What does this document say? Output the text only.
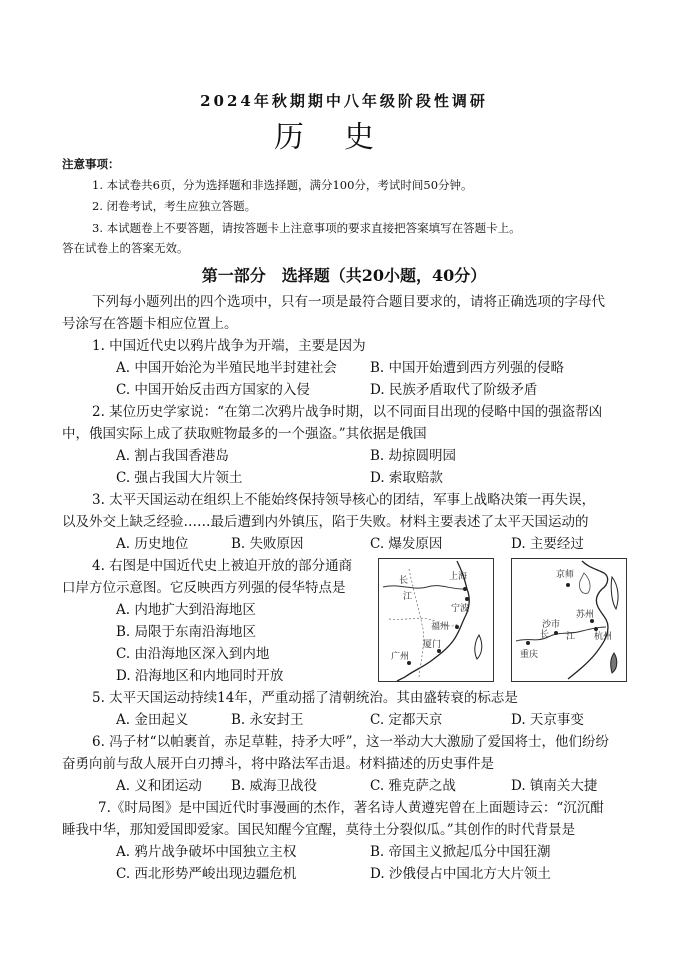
2024年秋期期中八年级阶段性调研
历史
注意事项：
1. 本试卷共6页，分为选择题和非选择题，满分100分，考试时间50分钟。
2. 闭卷考试，考生应独立答题。
3. 本试题卷上不要答题，请按答题卡上注意事项的要求直接把答案填写在答题卡上。
答在试卷上的答案无效。
第一部分　选择题（共20小题，40分）
下列每小题列出的四个选项中，只有一项是最符合题目要求的，请将正确选项的字母代
号涂写在答题卡相应位置上。
1. 中国近代史以鸦片战争为开端，主要是因为
A. 中国开始沦为半殖民地半封建社会 B. 中国开始遭到西方列强的侵略
C. 中国开始反击西方国家的入侵	D. 民族矛盾取代了阶级矛盾
2. 某位历史学家说：“在第二次鸦片战争时期，以不同面目出现的侵略中国的强盗帮凶
中，俄国实际上成了获取赃物最多的一个强盗。”其依据是俄国
A. 割占我国香港岛	B. 劫掠圆明园
C. 强占我国大片领土	D. 索取赔款
3. 太平天国运动在组织上不能始终保持领导核心的团结，军事上战略决策一再失误，
以及外交上缺乏经验……最后遭到内外镇压，陷于失败。材料主要表述了太平天国运动的
A. 历史地位	B. 失败原因	C. 爆发原因	D. 主要经过
4. 右图是中国近代史上被迫开放的部分通商
口岸方位示意图。它反映西方列强的侵华特点是
A. 内地扩大到沿海地区
B. 局限于东南沿海地区
C. 由沿海地区深入到内地
D. 沿海地区和内地同时开放
长
江
上海
宁波
福州
广州
厦门
京师
苏州
沙市
长 江 杭州
重庆
5. 太平天国运动持续14年，严重动摇了清朝统治。其由盛转衰的标志是
A. 金田起义	B. 永安封王	C. 定都天京	D. 天京事变
6. 冯子材“以帕裹首，赤足草鞋，持矛大呼”，这一举动大大激励了爱国将士，他们纷纷
奋勇向前与敌人展开白刃搏斗，将中路法军击退。材料描述的历史事件是
A. 义和团运动 B. 威海卫战役	C. 雅克萨之战	D. 镇南关大捷
7.《时局图》是中国近代时事漫画的杰作，著名诗人黄遵宪曾在上面题诗云：“沉沉酣
睡我中华，那知爱国即爱家。国民知醒今宜醒，莫待土分裂似瓜。”其创作的时代背景是
A. 鸦片战争破坏中国独立主权	B. 帝国主义掀起瓜分中国狂潮
C. 西北形势严峻出现边疆危机	D. 沙俄侵占中国北方大片领土
